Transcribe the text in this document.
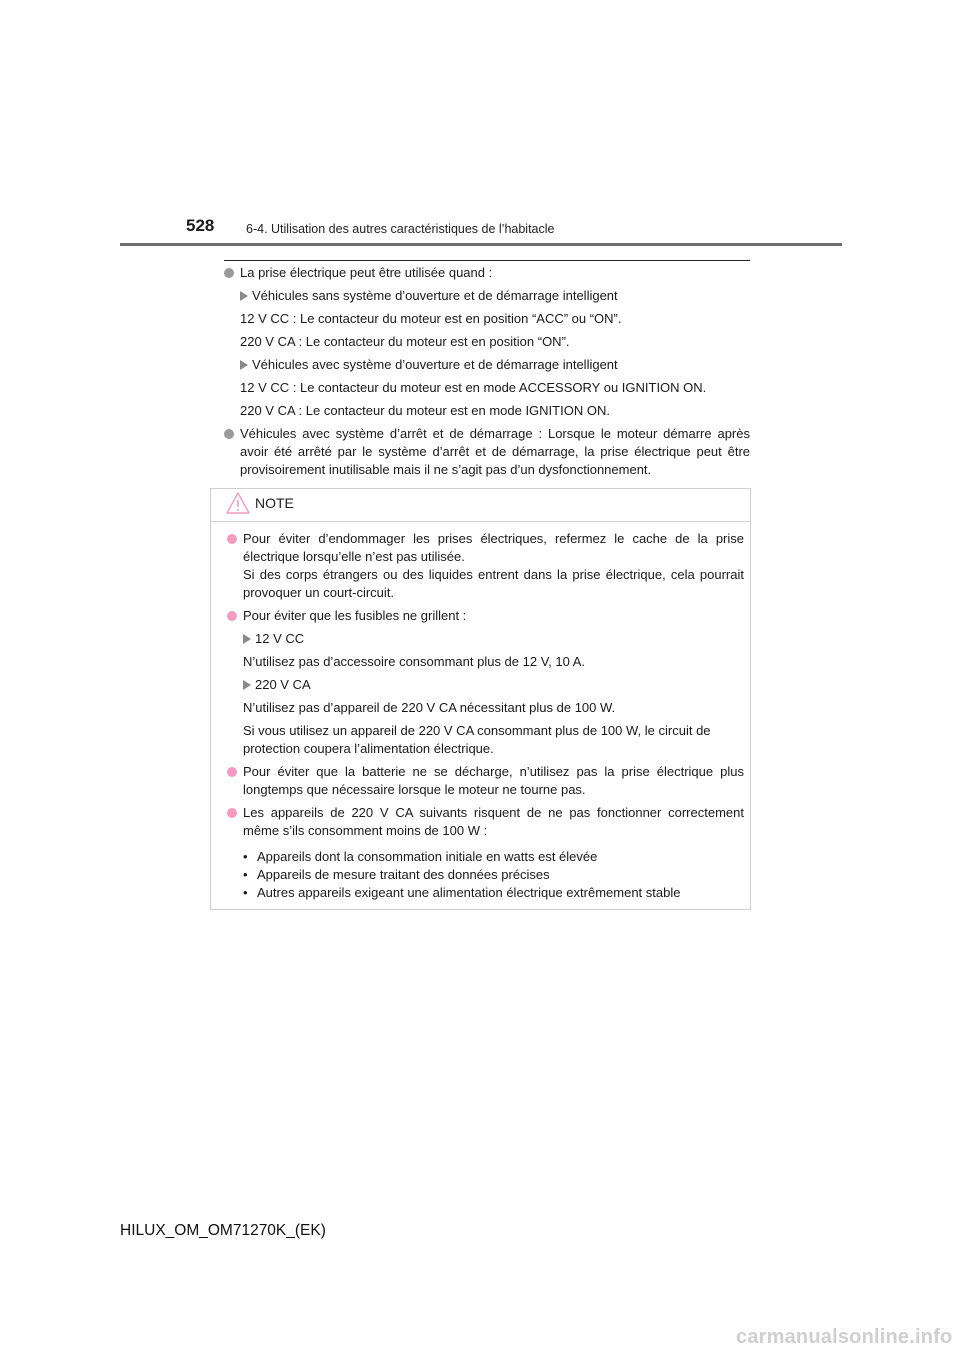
528	6-4. Utilisation des autres caractéristiques de l’habitacle
La prise électrique peut être utilisée quand :
Véhicules sans système d’ouverture et de démarrage intelligent
12 V CC : Le contacteur du moteur est en position “ACC” ou “ON”.
220 V CA : Le contacteur du moteur est en position “ON”.
Véhicules avec système d’ouverture et de démarrage intelligent
12 V CC : Le contacteur du moteur est en mode ACCESSORY ou IGNITION ON.
220 V CA : Le contacteur du moteur est en mode IGNITION ON.
Véhicules avec système d’arrêt et de démarrage : Lorsque le moteur démarre après avoir été arrêté par le système d’arrêt et de démarrage, la prise électrique peut être provisoirement inutilisable mais il ne s’agit pas d’un dysfonctionnement.
NOTE
Pour éviter d’endommager les prises électriques, refermez le cache de la prise électrique lorsqu’elle n’est pas utilisée.
Si des corps étrangers ou des liquides entrent dans la prise électrique, cela pourrait provoquer un court-circuit.
Pour éviter que les fusibles ne grillent :
12 V CC
N’utilisez pas d’accessoire consommant plus de 12 V, 10 A.
220 V CA
N’utilisez pas d’appareil de 220 V CA nécessitant plus de 100 W.
Si vous utilisez un appareil de 220 V CA consommant plus de 100 W, le circuit de protection coupera l’alimentation électrique.
Pour éviter que la batterie ne se décharge, n’utilisez pas la prise électrique plus longtemps que nécessaire lorsque le moteur ne tourne pas.
Les appareils de 220 V CA suivants risquent de ne pas fonctionner correctement même s’ils consomment moins de 100 W :
• Appareils dont la consommation initiale en watts est élevée
• Appareils de mesure traitant des données précises
• Autres appareils exigeant une alimentation électrique extrêmement stable
HILUX_OM_OM71270K_(EK)
carmanualsonline.info
